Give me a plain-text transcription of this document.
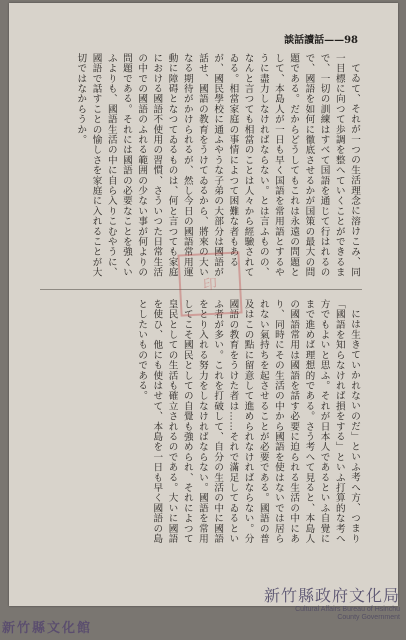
談話讀話——98

てゐて、それが一つの生活理念に溶けこみ、同一目標に向つて歩調を整へていくことができるまで、一切の訓練はすべて国語を通じて行はれるので、國語を如何に徹底させるかが国策の最大の問題である。だからどうしてもこれは永遠の問題として、本島人が一日も早く国語を常用語とするやうに盡力しなければならない。とは言ふものの、なんと言つても相當のことは人々から經驗されてゐる。相當家庭の事情によつて困難な者もあるが、國民學校に通ふやうな子弟の大部分は國語が話せ、國語の教育をうけてゐるから、將來の大いなる期待がかけられるが、然し今日の國語常用運動に障碍となつてゐるものは、何と言つても家庭における國語不使用の習慣、さういつた日常生活の中での國語のふれる範囲の少ない事が何よりの問題である。それには國語の必要なことを強くいふよりも、國語生活の中に自ら入りこむやうに、國語で話すことの愉しさを家庭に入れることが大切ではなからうか。

には生きていかれないのだ」といふ考へ方、つまり「國語を知らなければ損をする」といふ打算的な考へ方でもよいと思ふ。それが日本人であるといふ自覺にまで進めば理想的である。さう考へて見ると、本島人の國語常用は國語を話す必要に迫られる生活の中にあり、同時にその生活の中から國語を使はないでは居られない氣持ちを起させることが必要である。國語の普及はこの點に留意して進められなければならない。分國語の教育をうけた者は……それで滿足してゐるといふ者が多い。これを打破して、自分の生活の中に國語をとり入れる努力をしなければならない。國語を常用してこそ國民としての自覺も強められ、それによつて皇民としての生活も確立されるのである。大いに國語を使ひ、他にも使はせて、本島を一日も早く國語の島としたいものである。

印
新竹縣文化館
新竹縣政府文化局
Cultural Affairs Bureau of Hsinchu
County Government
